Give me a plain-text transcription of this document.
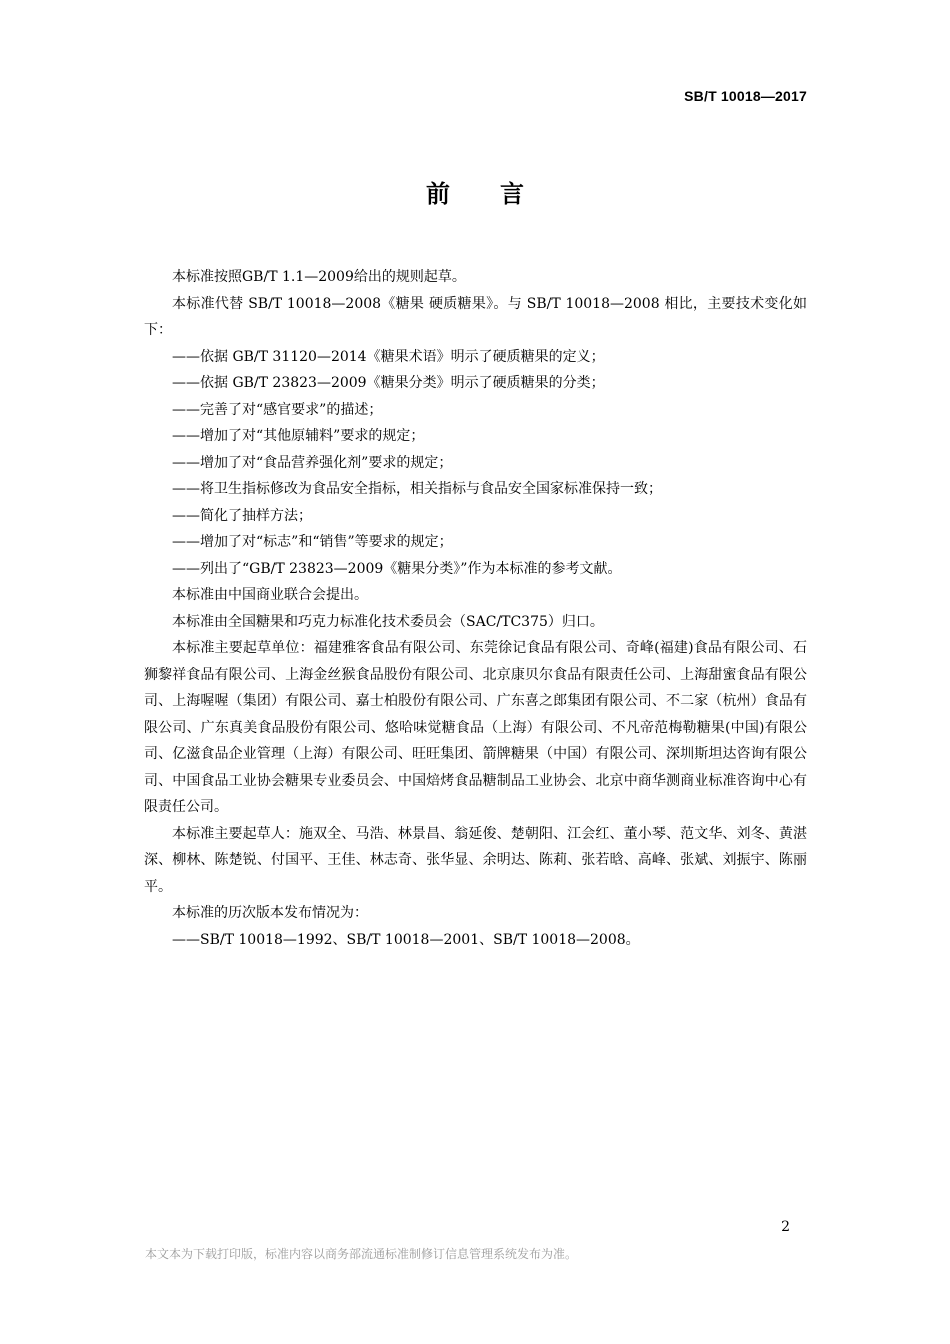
SB/T 10018—2017
前言

本标准按照GB/T 1.1—2009给出的规则起草。

本标准代替 SB/T 10018—2008《糖果 硬质糖果》。与 SB/T 10018—2008 相比，主要技术变化如下：

——依据 GB/T 31120—2014《糖果术语》明示了硬质糖果的定义；

——依据 GB/T 23823—2009《糖果分类》明示了硬质糖果的分类；

——完善了对“感官要求”的描述；

——增加了对“其他原辅料”要求的规定；

——增加了对“食品营养强化剂”要求的规定；

——将卫生指标修改为食品安全指标，相关指标与食品安全国家标准保持一致；

——简化了抽样方法；

——增加了对“标志”和“销售”等要求的规定；

——列出了“GB/T 23823—2009《糖果分类》”作为本标准的参考文献。

本标准由中国商业联合会提出。

本标准由全国糖果和巧克力标准化技术委员会（SAC/TC375）归口。

本标准主要起草单位：福建雅客食品有限公司、东莞徐记食品有限公司、奇峰(福建)食品有限公司、石狮黎祥食品有限公司、上海金丝猴食品股份有限公司、北京康贝尔食品有限责任公司、上海甜蜜食品有限公司、上海喔喔（集团）有限公司、嘉士柏股份有限公司、广东喜之郎集团有限公司、不二家（杭州）食品有限公司、广东真美食品股份有限公司、悠哈味觉糖食品（上海）有限公司、不凡帝范梅勒糖果(中国)有限公司、亿滋食品企业管理（上海）有限公司、旺旺集团、箭牌糖果（中国）有限公司、深圳斯坦达咨询有限公司、中国食品工业协会糖果专业委员会、中国焙烤食品糖制品工业协会、北京中商华测商业标准咨询中心有限责任公司。

本标准主要起草人：施双全、马浩、林景昌、翁延俊、楚朝阳、江会红、董小琴、范文华、刘冬、黄湛深、柳林、陈楚锐、付国平、王佳、林志奇、张华显、余明达、陈莉、张若晗、高峰、张斌、刘振宇、陈丽平。

本标准的历次版本发布情况为：

——SB/T 10018—1992、SB/T 10018—2001、SB/T 10018—2008。

2
本文本为下载打印版，标准内容以商务部流通标准制修订信息管理系统发布为准。
